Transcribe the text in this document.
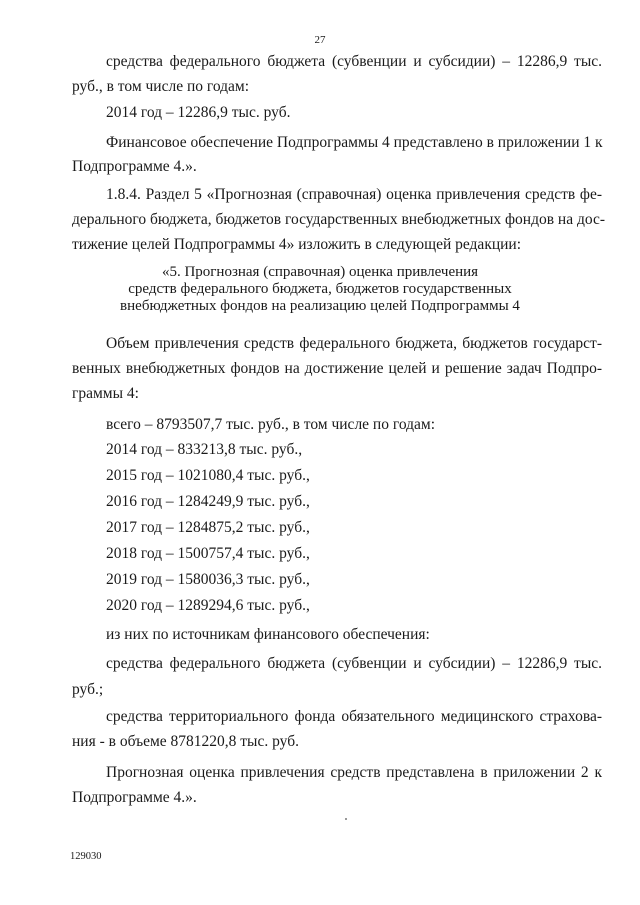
27
средства федерального бюджета (субвенции и субсидии) – 12286,9 тыс.
руб., в том числе по годам:
2014 год – 12286,9 тыс. руб.
Финансовое обеспечение Подпрограммы 4 представлено в приложении 1 к
Подпрограмме 4.».
1.8.4. Раздел 5 «Прогнозная (справочная) оценка привлечения средств фе-
дерального бюджета, бюджетов государственных внебюджетных фондов на дос-
тижение целей Подпрограммы 4» изложить в следующей редакции:
«5. Прогнозная (справочная) оценка привлечения
средств федерального бюджета, бюджетов государственных
внебюджетных фондов на реализацию целей Подпрограммы 4
Объем привлечения средств федерального бюджета, бюджетов государст-
венных внебюджетных фондов на достижение целей и решение задач Подпро-
граммы 4:
всего – 8793507,7 тыс. руб., в том числе по годам:
2014 год – 833213,8 тыс. руб.,
2015 год – 1021080,4 тыс. руб.,
2016 год – 1284249,9 тыс. руб.,
2017 год – 1284875,2 тыс. руб.,
2018 год – 1500757,4 тыс. руб.,
2019 год – 1580036,3 тыс. руб.,
2020 год – 1289294,6 тыс. руб.,
из них по источникам финансового обеспечения:
средства федерального бюджета (субвенции и субсидии) – 12286,9 тыс.
руб.;
средства территориального фонда обязательного медицинского страхова-
ния - в объеме 8781220,8 тыс. руб.
Прогнозная оценка привлечения средств представлена в приложении 2 к
Подпрограмме 4.».
129030
